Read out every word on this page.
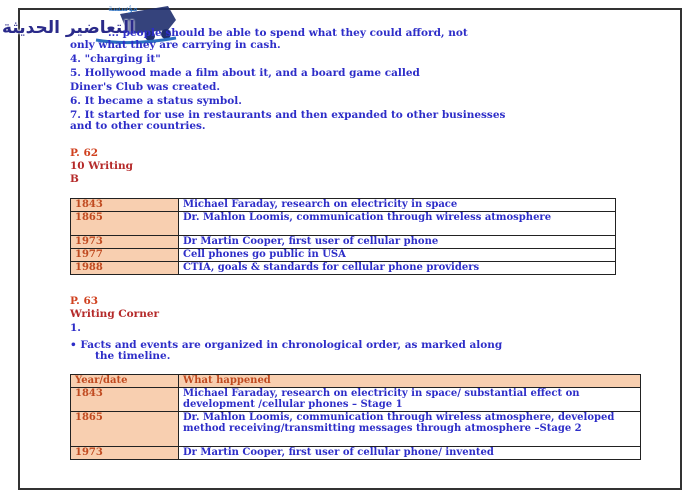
مؤسسة
التعاضير الحديثة
... people should be able to spend what they could afford, not
only what they are carrying in cash.
4. "charging it"
5. Hollywood made a film about it, and a board game called
Diner's Club was created.
6. It became a status symbol.
7. It started for use in restaurants and then expanded to other businesses
and to other countries.
P. 62
10 Writing
B
1843	Michael Faraday, research on electricity in space
1865	Dr. Mahlon Loomis, communication through wireless atmosphere
1973	Dr Martin Cooper, first user of cellular phone
1977	Cell phones go public in USA
1988	CTIA, goals & standards for cellular phone providers
P. 63
Writing Corner
1.
• Facts and events are organized in chronological order, as marked along
the timeline.
Year/date	What happened
1843	Michael Faraday, research on electricity in space/ substantial effect on development /cellular phones – Stage 1
1865	Dr. Mahlon Loomis, communication through wireless atmosphere, developed method receiving/transmitting messages through atmosphere –Stage 2
1973	Dr Martin Cooper, first user of cellular phone/ invented
